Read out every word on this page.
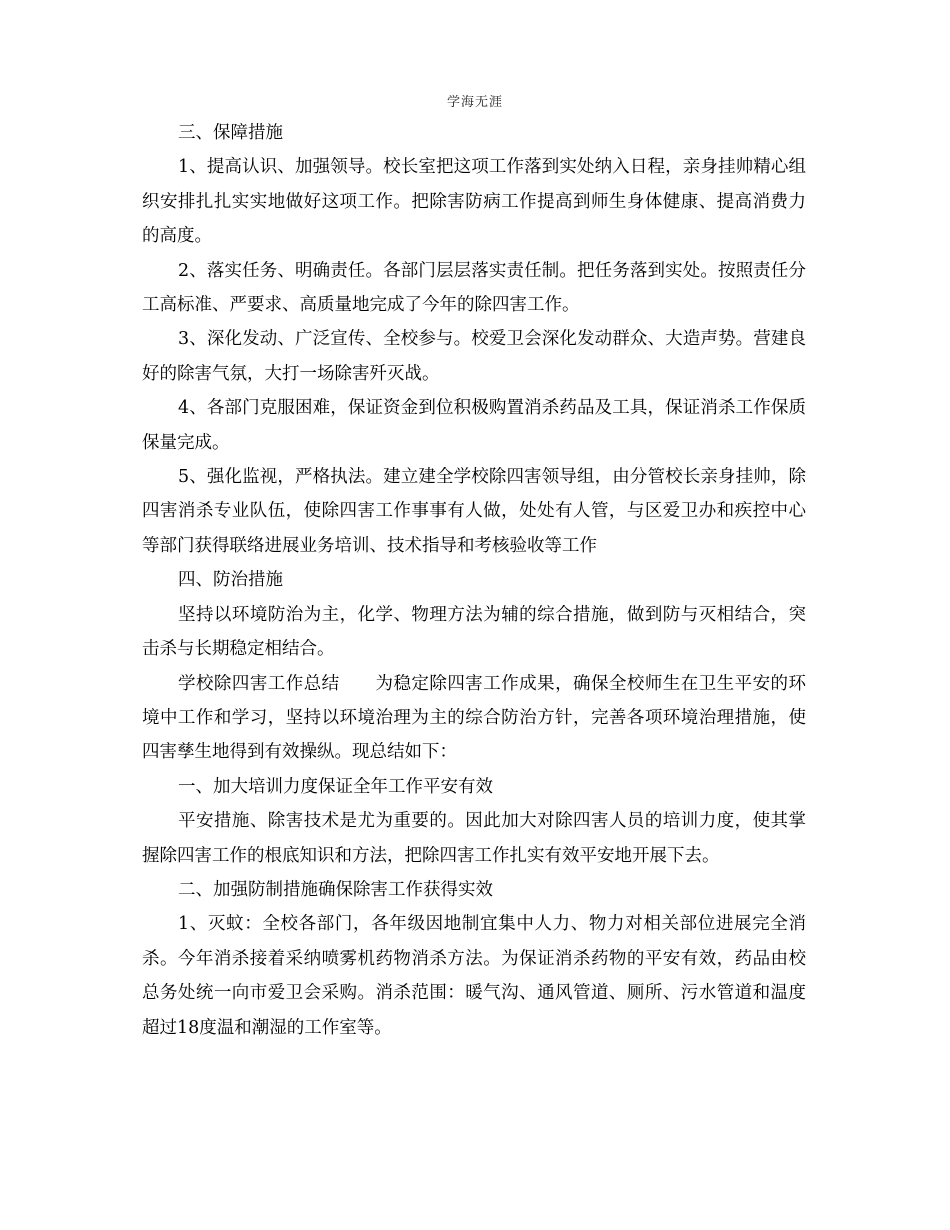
学海无涯

三、保障措施

1、提高认识、加强领导。校长室把这项工作落到实处纳入日程，亲身挂帅精心组织安排扎扎实实地做好这项工作。把除害防病工作提高到师生身体健康、提高消费力的高度。

2、落实任务、明确责任。各部门层层落实责任制。把任务落到实处。按照责任分工高标准、严要求、高质量地完成了今年的除四害工作。

3、深化发动、广泛宣传、全校参与。校爱卫会深化发动群众、大造声势。营建良好的除害气氛，大打一场除害歼灭战。

4、各部门克服困难，保证资金到位积极购置消杀药品及工具，保证消杀工作保质保量完成。

5、强化监视，严格执法。建立建全学校除四害领导组，由分管校长亲身挂帅，除四害消杀专业队伍，使除四害工作事事有人做，处处有人管，与区爱卫办和疾控中心等部门获得联络进展业务培训、技术指导和考核验收等工作

四、防治措施

坚持以环境防治为主，化学、物理方法为辅的综合措施，做到防与灭相结合，突击杀与长期稳定相结合。

学校除四害工作总结　　为稳定除四害工作成果，确保全校师生在卫生平安的环境中工作和学习，坚持以环境治理为主的综合防治方针，完善各项环境治理措施，使四害孳生地得到有效操纵。现总结如下：

一、加大培训力度保证全年工作平安有效

平安措施、除害技术是尤为重要的。因此加大对除四害人员的培训力度，使其掌握除四害工作的根底知识和方法，把除四害工作扎实有效平安地开展下去。

二、加强防制措施确保除害工作获得实效

1、灭蚊：全校各部门，各年级因地制宜集中人力、物力对相关部位进展完全消杀。今年消杀接着采纳喷雾机药物消杀方法。为保证消杀药物的平安有效，药品由校总务处统一向市爱卫会采购。消杀范围：暖气沟、通风管道、厕所、污水管道和温度超过18度温和潮湿的工作室等。
